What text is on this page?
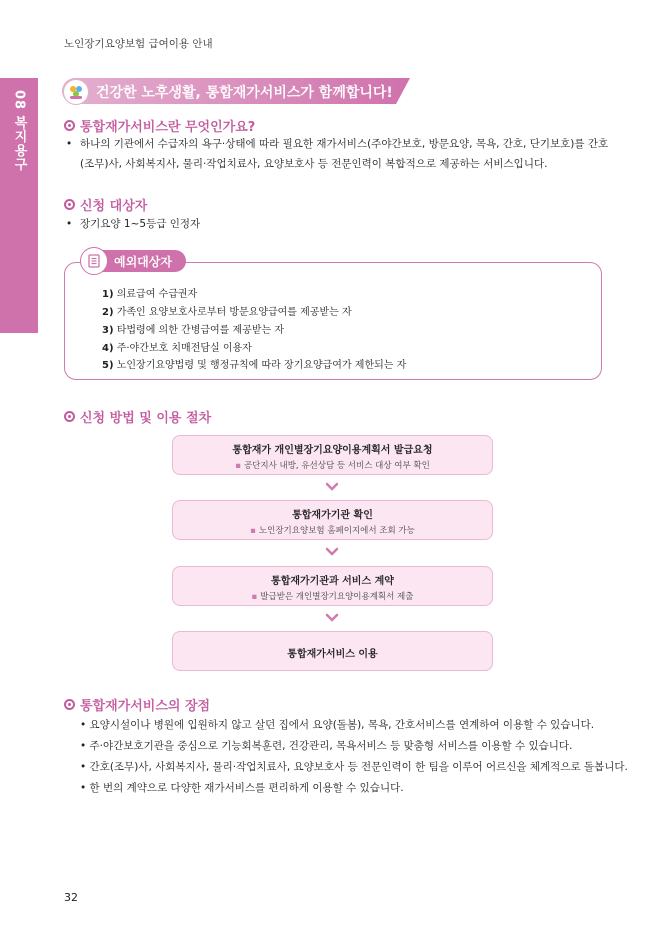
노인장기요양보험 급여이용 안내
08 복지용구	건강한 노후생활, 통합재가서비스가 함께합니다!
통합재가서비스란 무엇인가요?
• 하나의 기관에서 수급자의 욕구·상태에 따라 필요한 재가서비스(주야간보호, 방문요양, 목욕, 간호, 단기보호)를 간호
(조무)사, 사회복지사, 물리·작업치료사, 요양보호사 등 전문인력이 복합적으로 제공하는 서비스입니다.
신청 대상자
• 장기요양 1~5등급 인정자
예외대상자
1) 의료급여 수급권자
2) 가족인 요양보호사로부터 방문요양급여를 제공받는 자
3) 타법령에 의한 간병급여를 제공받는 자
4) 주·야간보호 치매전담실 이용자
5) 노인장기요양법령 및 행정규칙에 따라 장기요양급여가 제한되는 자
신청 방법 및 이용 절차
통합재가 개인별장기요양이용계획서 발급요청
▪ 공단지사 내방, 유선상담 등 서비스 대상 여부 확인
통합재가기관 확인
▪ 노인장기요양보험 홈페이지에서 조회 가능
통합재가기관과 서비스 계약
▪ 발급받은 개인별장기요양이용계획서 제출
통합재가서비스 이용
통합재가서비스의 장점
• 요양시설이나 병원에 입원하지 않고 살던 집에서 요양(돌봄), 목욕, 간호서비스를 연계하여 이용할 수 있습니다.
• 주·야간보호기관을 중심으로 기능회복훈련, 건강관리, 목욕서비스 등 맞춤형 서비스를 이용할 수 있습니다.
• 간호(조무)사, 사회복지사, 물리·작업치료사, 요양보호사 등 전문인력이 한 팀을 이루어 어르신을 체계적으로 돌봅니다.
• 한 번의 계약으로 다양한 재가서비스를 편리하게 이용할 수 있습니다.
32
